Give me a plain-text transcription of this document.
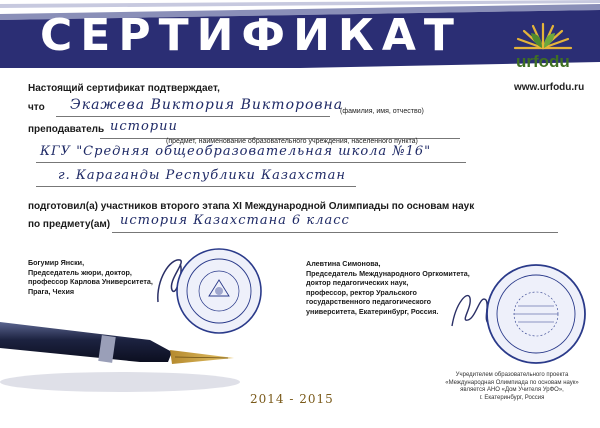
СЕРТИФИКАТ
urfodu
www.urfodu.ru
Настоящий сертификат подтверждает,
что Экажева Виктория Викторовна
(фамилия, имя, отчество)
преподаватель истории
(предмет, наименование образовательного учреждения, населенного пункта)
КГУ "Средняя общеобразовательная школа №16"
г. Караганды Республики Казахстан
подготовил(а) участников второго этапа XI Международной Олимпиады по основам наук
по предмету(ам) история Казахстана 6 класс
Богумир Янски,
Председатель жюри, доктор,
профессор Карлова Университета,
Прага, Чехия
Алевтина Симонова,
Председатель Международного Оргкомитета,
доктор педагогических наук,
профессор, ректор Уральского
государственного педагогического
университета, Екатеринбург, Россия.
2014 - 2015
Учредителем образовательного проекта
«Международная Олимпиада по основам наук»
является АНО «Дом Учителя УрФО»,
г. Екатеринбург, Россия
